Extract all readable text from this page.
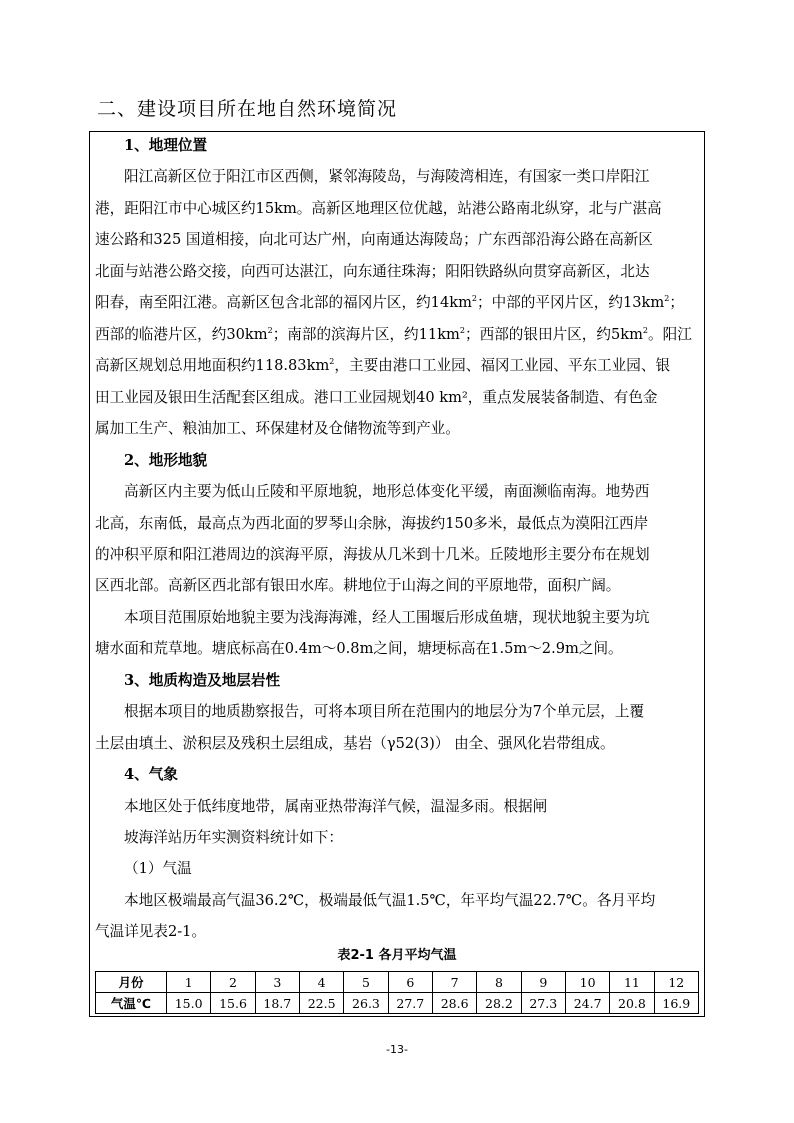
二、建设项目所在地自然环境简况
1、地理位置
阳江高新区位于阳江市区西侧，紧邻海陵岛，与海陵湾相连，有国家一类口岸阳江
港，距阳江市中心城区约15km。高新区地理区位优越，站港公路南北纵穿，北与广湛高
速公路和325 国道相接，向北可达广州，向南通达海陵岛；广东西部沿海公路在高新区
北面与站港公路交接，向西可达湛江，向东通往珠海；阳阳铁路纵向贯穿高新区，北达
阳春，南至阳江港。高新区包含北部的福冈片区，约$14km^2$；中部的平冈片区，约$13km^2$；
西部的临港片区，约$30km^2$；南部的滨海片区，约$11km^2$；西部的银田片区，约$5km^2$。阳江
高新区规划总用地面积约$118.83km^2$，主要由港口工业园、福冈工业园、平东工业园、银
田工业园及银田生活配套区组成。港口工业园规划40 km²，重点发展装备制造、有色金
属加工生产、粮油加工、环保建材及仓储物流等到产业。
2、地形地貌
高新区内主要为低山丘陵和平原地貌，地形总体变化平缓，南面濒临南海。地势西
北高，东南低，最高点为西北面的罗琴山余脉，海拔约150多米，最低点为漠阳江西岸
的冲积平原和阳江港周边的滨海平原，海拔从几米到十几米。丘陵地形主要分布在规划
区西北部。高新区西北部有银田水库。耕地位于山海之间的平原地带，面积广阔。
本项目范围原始地貌主要为浅海海滩，经人工围堰后形成鱼塘，现状地貌主要为坑
塘水面和荒草地。塘底标高在0.4m～0.8m之间，塘埂标高在1.5m～2.9m之间。
3、地质构造及地层岩性
根据本项目的地质勘察报告，可将本项目所在范围内的地层分为7个单元层，上覆
土层由填土、淤积层及残积土层组成，基岩（γ52(3)） 由全、强风化岩带组成。
4、气象
本地区处于低纬度地带，属南亚热带海洋气候，温湿多雨。根据闸
坡海洋站历年实测资料统计如下：
（1）气温
本地区极端最高气温36.2℃，极端最低气温1.5℃，年平均气温22.7℃。各月平均
气温详见表2-1。
表2-1 各月平均气温
月份	1	2	3	4	5	6	7	8	9	10	11	12
气温℃	15.0	15.6	18.7	22.5	26.3	27.7	28.6	28.2	27.3	24.7	20.8	16.9
-13-
